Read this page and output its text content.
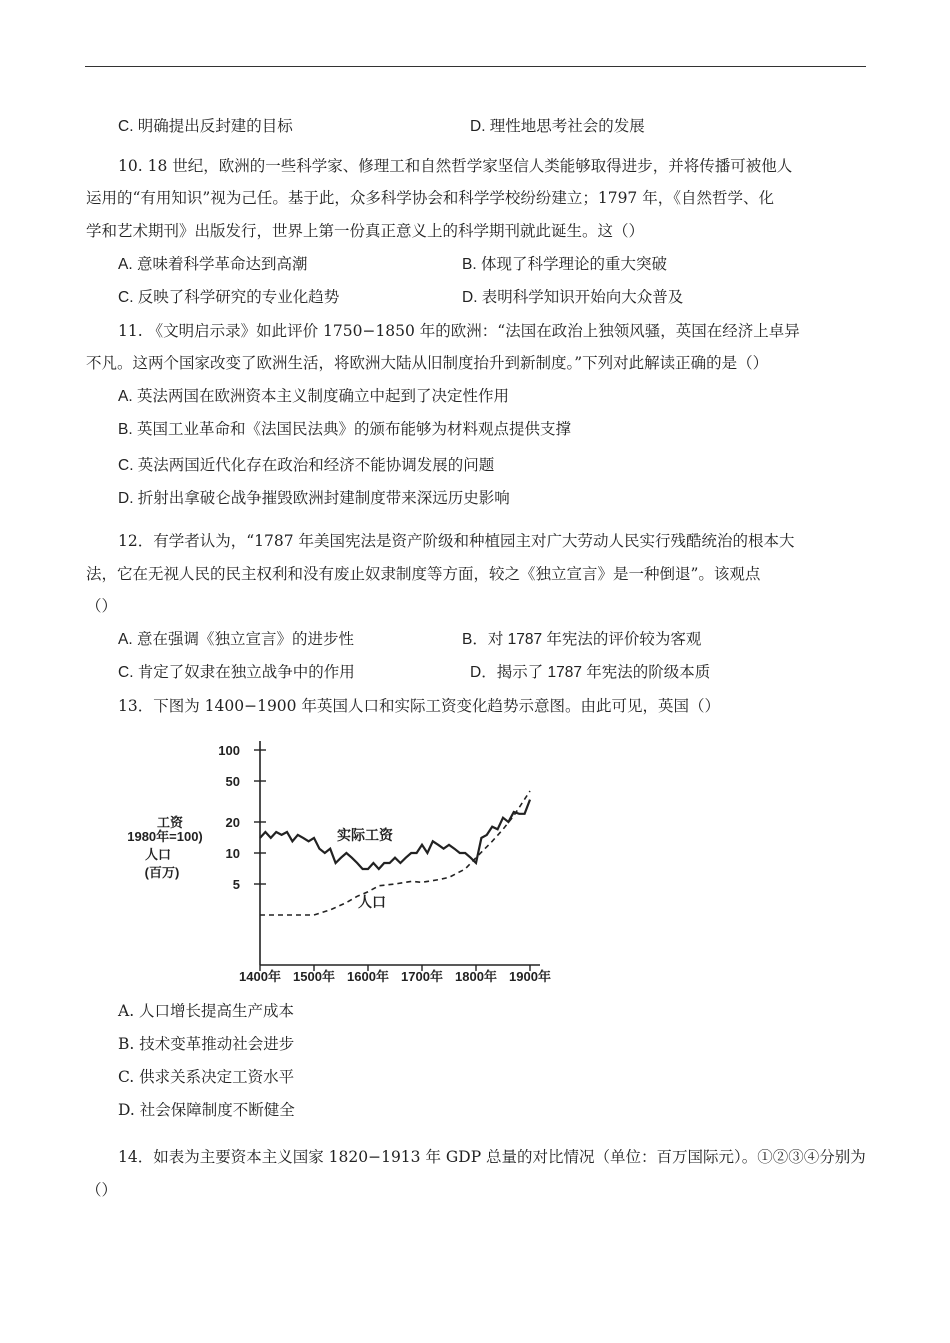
C. 明确提出反封建的目标	D. 理性地思考社会的发展
10. 18 世纪，欧洲的一些科学家、修理工和自然哲学家坚信人类能够取得进步，并将传播可被他人
运用的“有用知识”视为己任。基于此，众多科学协会和科学学校纷纷建立；1797 年，《自然哲学、化
学和艺术期刊》出版发行，世界上第一份真正意义上的科学期刊就此诞生。这（）
A. 意味着科学革命达到高潮	B. 体现了科学理论的重大突破
C. 反映了科学研究的专业化趋势	D. 表明科学知识开始向大众普及
11. 《文明启示录》如此评价 1750−1850 年的欧洲：“法国在政治上独领风骚，英国在经济上卓异
不凡。这两个国家改变了欧洲生活，将欧洲大陆从旧制度抬升到新制度。”下列对此解读正确的是（）
A. 英法两国在欧洲资本主义制度确立中起到了决定性作用
B. 英国工业革命和《法国民法典》的颁布能够为材料观点提供支撑
C. 英法两国近代化存在政治和经济不能协调发展的问题
D. 折射出拿破仑战争摧毁欧洲封建制度带来深远历史影响
12．有学者认为，“1787 年美国宪法是资产阶级和种植园主对广大劳动人民实行残酷统治的根本大
法，它在无视人民的民主权利和没有废止奴隶制度等方面，较之《独立宣言》是一种倒退”。该观点
（）
A. 意在强调《独立宣言》的进步性	B．对 1787 年宪法的评价较为客观
C. 肯定了奴隶在独立战争中的作用	D．揭示了 1787 年宪法的阶级本质
13．下图为 1400−1900 年英国人口和实际工资变化趋势示意图。由此可见，英国（）
100
50
20
10
5
1400年 1500年 1600年 1700年 1800年 1900年
工资
1980年=100)
人口
(百万)
实际工资
人口
A. 人口增长提高生产成本
B. 技术变革推动社会进步
C. 供求关系决定工资水平
D. 社会保障制度不断健全
14．如表为主要资本主义国家 1820−1913 年 GDP 总量的对比情况（单位：百万国际元）。①②③④分别为
（）
